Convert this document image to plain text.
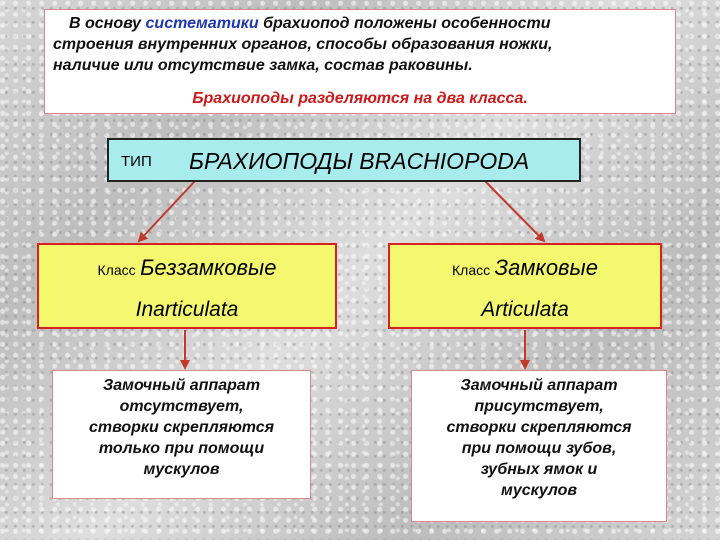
В основу систематики брахиопод положены особенности
строения внутренних органов, способы образования ножки,
наличие или отсутствие замка, состав раковины.
Брахиоподы разделяются на два класса.
ТИП БРАХИОПОДЫ BRACHIOPODA
Класс Беззамковые
Inarticulata
Класс Замковые
Articulata
Замочный аппарат
отсутствует,
створки скрепляются
только при помощи
мускулов
Замочный аппарат
присутствует,
створки скрепляются
при помощи зубов,
зубных ямок и
мускулов
